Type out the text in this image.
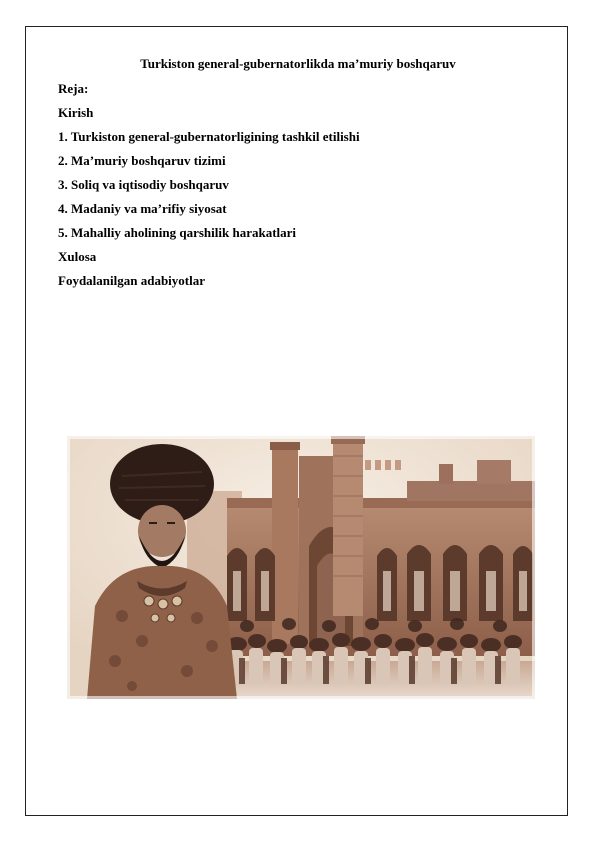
Turkiston general-gubernatorlikda ma’muriy boshqaruv
Reja:
Kirish
1. Turkiston general-gubernatorligining tashkil etilishi
2. Ma’muriy boshqaruv tizimi
3. Soliq va iqtisodiy boshqaruv
4. Madaniy va ma’rifiy siyosat
5. Mahalliy aholining qarshilik harakatlari
Xulosa
Foydalanilgan adabiyotlar
